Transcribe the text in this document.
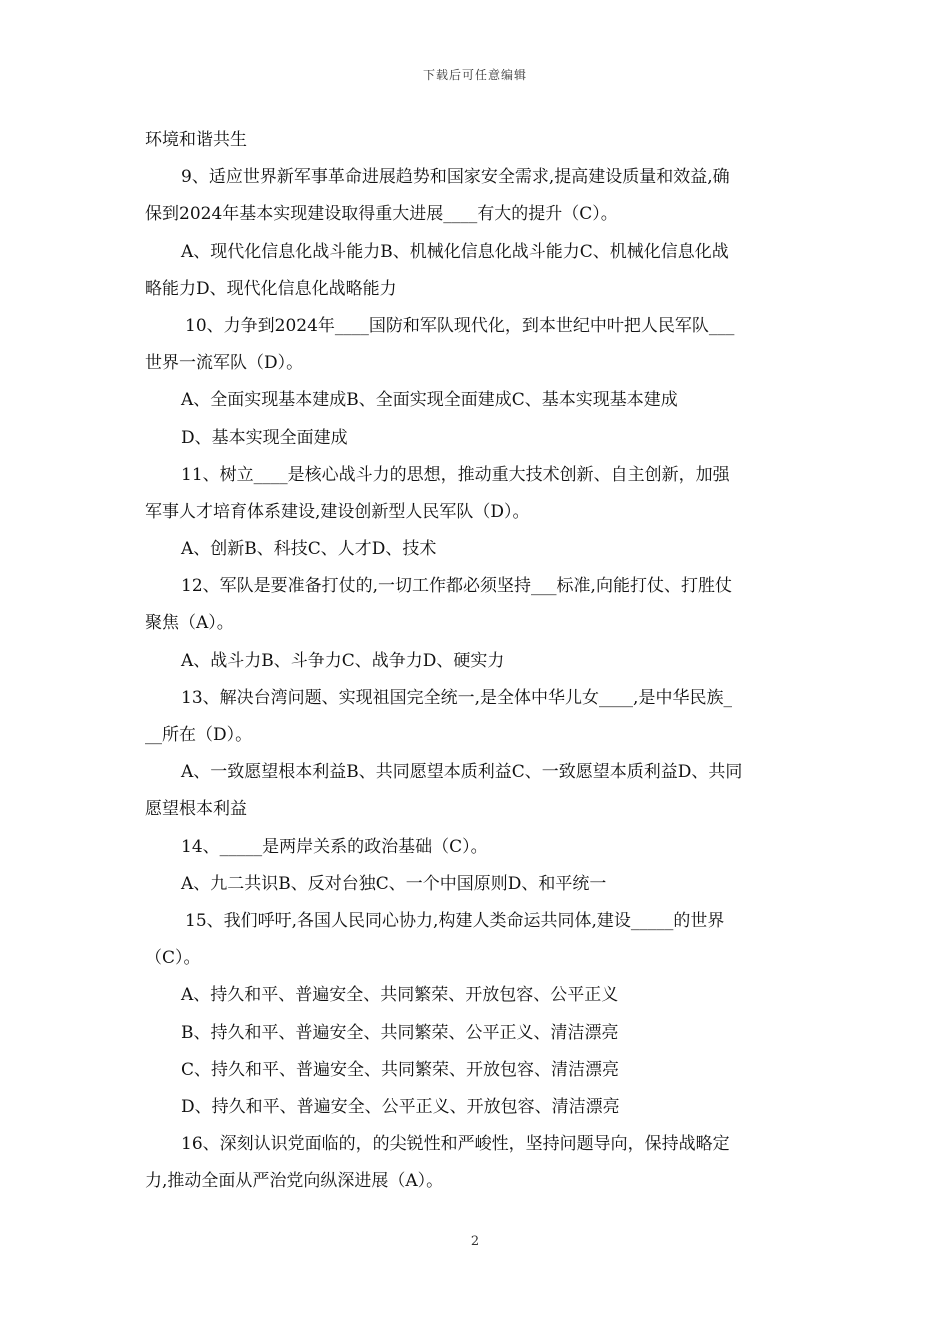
下载后可任意编辑
环境和谐共生
9、适应世界新军事革命进展趋势和国家安全需求,提高建设质量和效益,确
保到2024年基本实现建设取得重大进展____有大的提升（C）。
A、现代化信息化战斗能力B、机械化信息化战斗能力C、机械化信息化战
略能力D、现代化信息化战略能力
10、力争到2024年____国防和军队现代化，到本世纪中叶把人民军队___
世界一流军队（D）。
A、全面实现基本建成B、全面实现全面建成C、基本实现基本建成
D、基本实现全面建成
11、树立____是核心战斗力的思想，推动重大技术创新、自主创新，加强
军事人才培育体系建设,建设创新型人民军队（D）。
A、创新B、科技C、人才D、技术
12、军队是要准备打仗的,一切工作都必须坚持___标准,向能打仗、打胜仗
聚焦（A）。
A、战斗力B、斗争力C、战争力D、硬实力
13、解决台湾问题、实现祖国完全统一,是全体中华儿女____,是中华民族_
__所在（D）。
A、一致愿望根本利益B、共同愿望本质利益C、一致愿望本质利益D、共同
愿望根本利益
14、_____是两岸关系的政治基础（C）。
A、九二共识B、反对台独C、一个中国原则D、和平统一
15、我们呼吁,各国人民同心协力,构建人类命运共同体,建设_____的世界
（C）。
A、持久和平、普遍安全、共同繁荣、开放包容、公平正义
B、持久和平、普遍安全、共同繁荣、公平正义、清洁漂亮
C、持久和平、普遍安全、共同繁荣、开放包容、清洁漂亮
D、持久和平、普遍安全、公平正义、开放包容、清洁漂亮
16、深刻认识党面临的，的尖锐性和严峻性，坚持问题导向，保持战略定
力,推动全面从严治党向纵深进展（A）。
2
